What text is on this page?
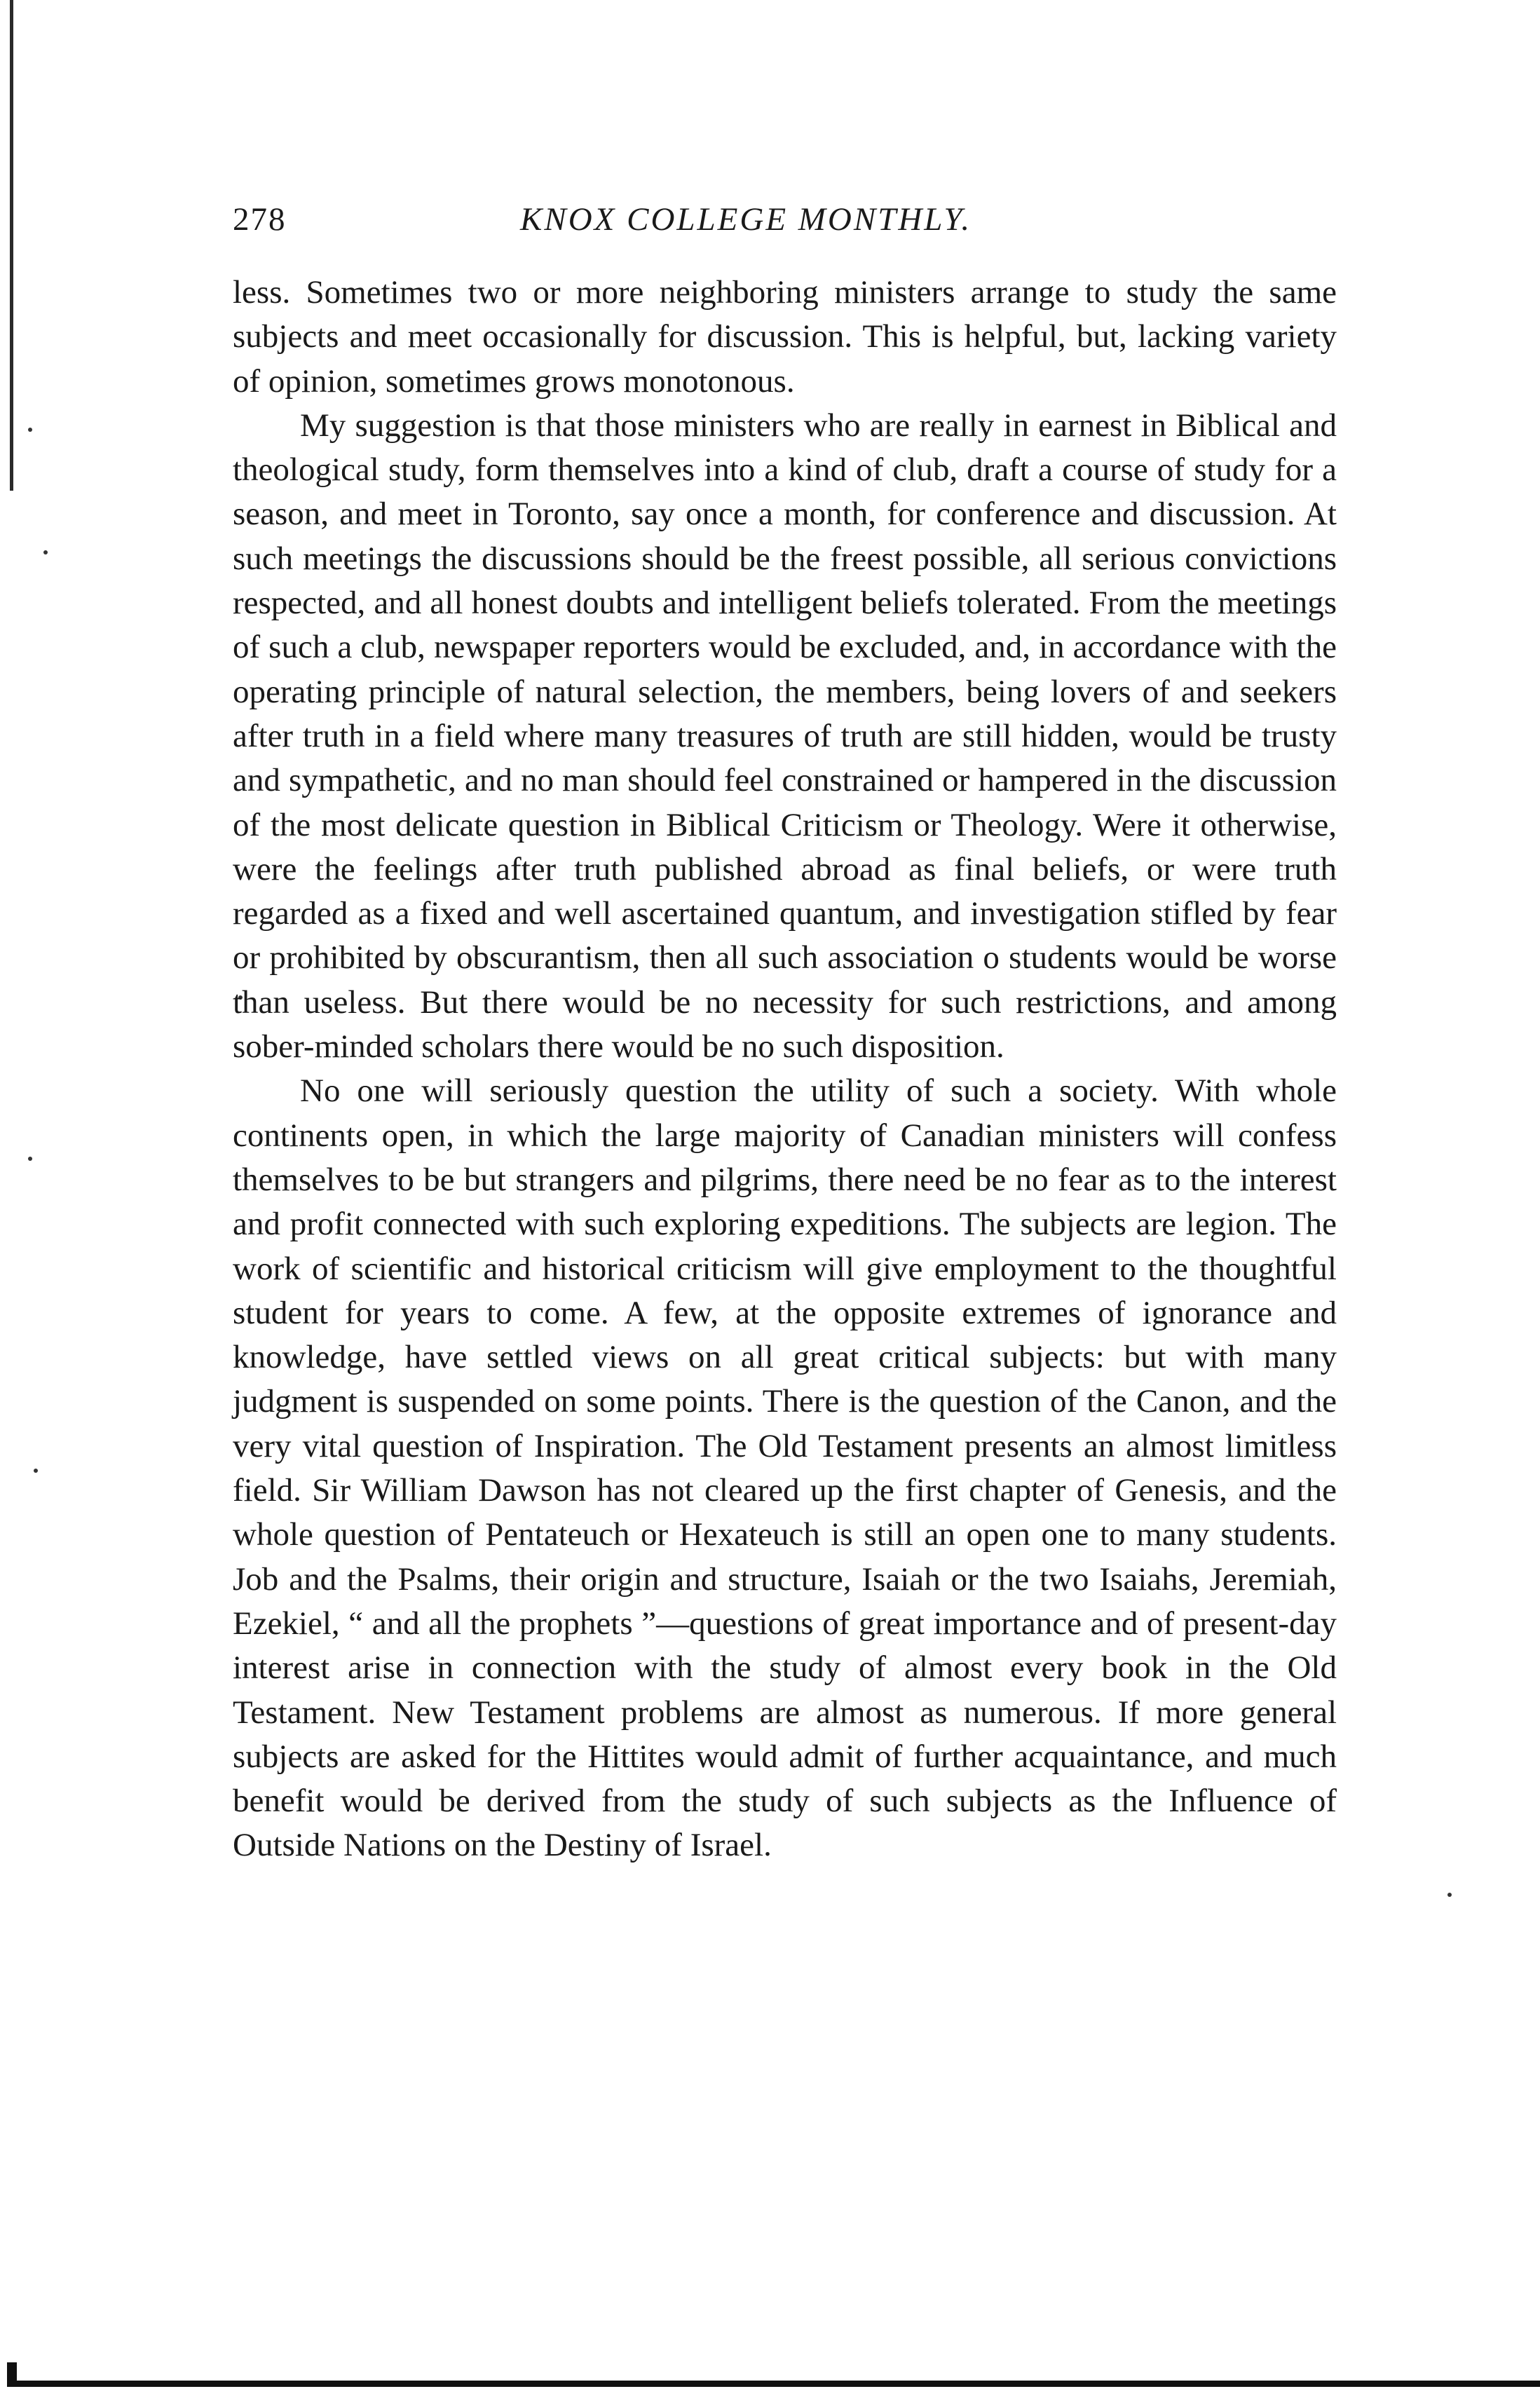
278	KNOX COLLEGE MONTHLY.

less. Sometimes two or more neighboring ministers arrange to study the same subjects and meet occasionally for discussion. This is helpful, but, lacking variety of opinion, sometimes grows monotonous.

My suggestion is that those ministers who are really in earnest in Biblical and theological study, form themselves into a kind of club, draft a course of study for a season, and meet in Toronto, say once a month, for conference and discussion. At such meetings the discussions should be the freest possible, all serious convictions respected, and all honest doubts and intelligent beliefs tolerated. From the meetings of such a club, newspaper reporters would be excluded, and, in accordance with the operating principle of natural selection, the members, being lovers of and seekers after truth in a field where many treasures of truth are still hidden, would be trusty and sympathetic, and no man should feel constrained or hampered in the discussion of the most delicate question in Biblical Criticism or Theology. Were it otherwise, were the feelings after truth published abroad as final beliefs, or were truth regarded as a fixed and well ascertained quantum, and investigation stifled by fear or prohibited by obscurantism, then all such association o students would be worse than useless. But there would be no necessity for such restrictions, and among sober-minded scholars there would be no such disposition.

No one will seriously question the utility of such a society. With whole continents open, in which the large majority of Canadian ministers will confess themselves to be but strangers and pilgrims, there need be no fear as to the interest and profit connected with such exploring expeditions. The subjects are legion. The work of scientific and historical criticism will give employment to the thoughtful student for years to come. A few, at the opposite extremes of ignorance and knowledge, have settled views on all great critical subjects: but with many judgment is suspended on some points. There is the question of the Canon, and the very vital question of Inspiration. The Old Testament presents an almost limitless field. Sir William Dawson has not cleared up the first chapter of Genesis, and the whole question of Pentateuch or Hexateuch is still an open one to many students. Job and the Psalms, their origin and structure, Isaiah or the two Isaiahs, Jeremiah, Ezekiel, “ and all the prophets ”—questions of great importance and of present-day interest arise in connection with the study of almost every book in the Old Testament. New Testament problems are almost as numerous. If more general subjects are asked for the Hittites would admit of further acquaintance, and much benefit would be derived from the study of such subjects as the Influence of Outside Nations on the Destiny of Israel.
